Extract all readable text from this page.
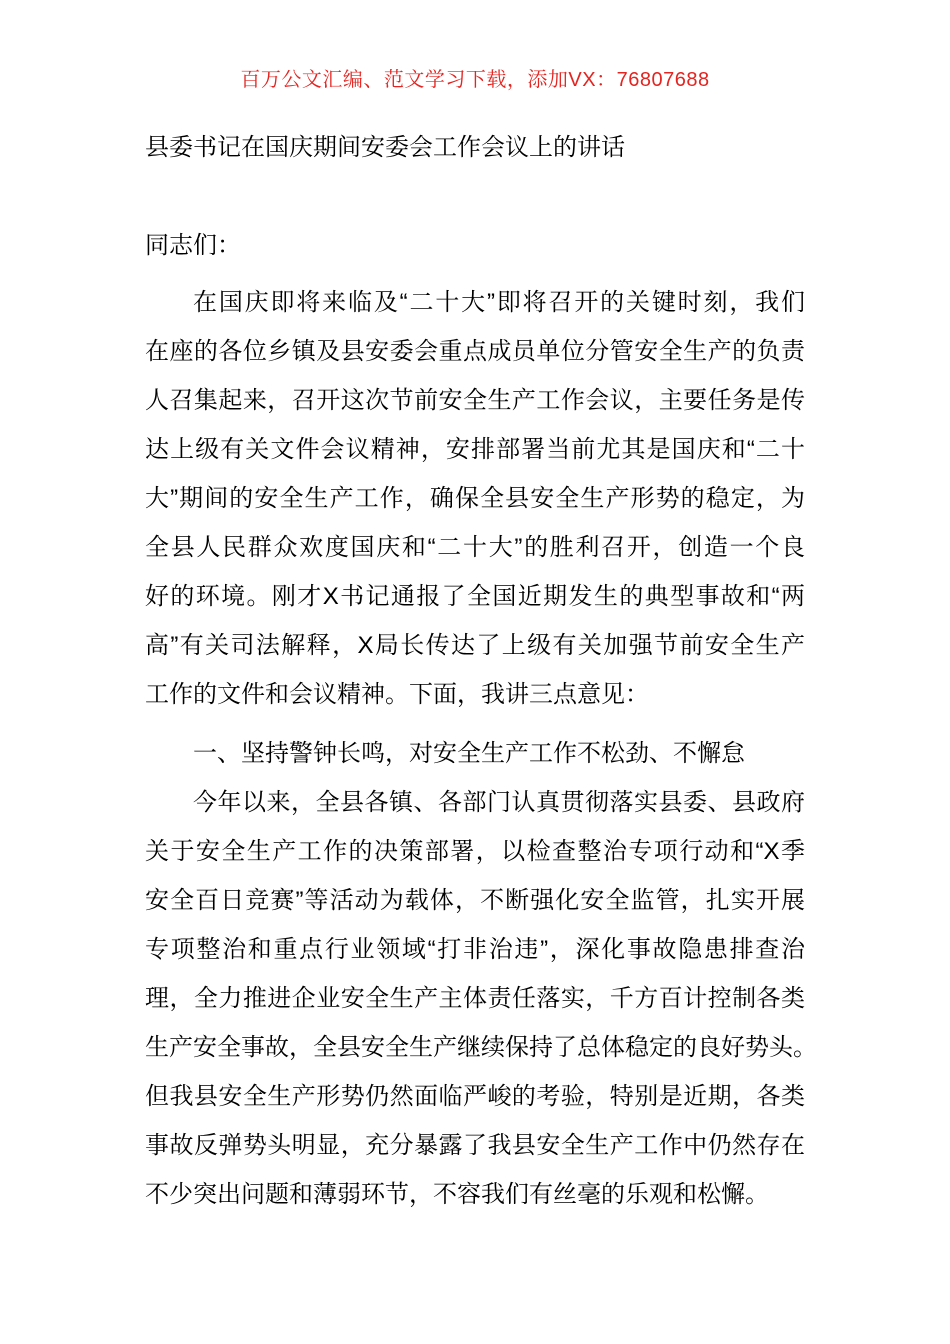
百万公文汇编、范文学习下载，添加VX：76807688
县委书记在国庆期间安委会工作会议上的讲话
同志们：
在国庆即将来临及“二十大”即将召开的关键时刻，我们
在座的各位乡镇及县安委会重点成员单位分管安全生产的负责
人召集起来，召开这次节前安全生产工作会议，主要任务是传
达上级有关文件会议精神，安排部署当前尤其是国庆和“二十
大”期间的安全生产工作，确保全县安全生产形势的稳定，为
全县人民群众欢度国庆和“二十大”的胜利召开，创造一个良
好的环境。刚才X书记通报了全国近期发生的典型事故和“两
高”有关司法解释，X局长传达了上级有关加强节前安全生产
工作的文件和会议精神。下面，我讲三点意见：
一、坚持警钟长鸣，对安全生产工作不松劲、不懈怠
今年以来，全县各镇、各部门认真贯彻落实县委、县政府
关于安全生产工作的决策部署，以检查整治专项行动和“X季
安全百日竞赛”等活动为载体，不断强化安全监管，扎实开展
专项整治和重点行业领域“打非治违”，深化事故隐患排查治
理，全力推进企业安全生产主体责任落实，千方百计控制各类
生产安全事故，全县安全生产继续保持了总体稳定的良好势头。
但我县安全生产形势仍然面临严峻的考验，特别是近期，各类
事故反弹势头明显，充分暴露了我县安全生产工作中仍然存在
不少突出问题和薄弱环节，不容我们有丝毫的乐观和松懈。
